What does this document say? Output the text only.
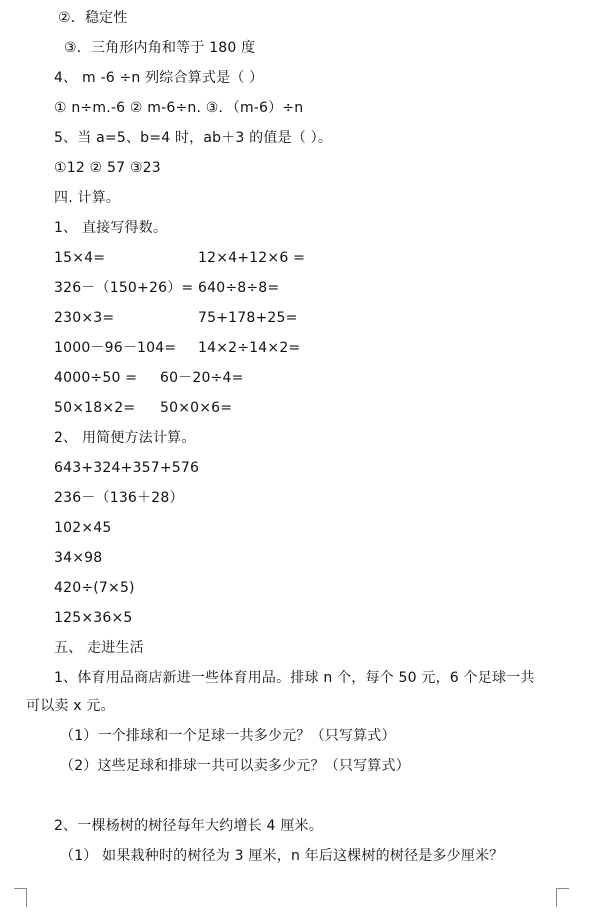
②．稳定性
③．三角形内角和等于 180 度
4、 m -6 ÷n 列综合算式是（ ）
① n÷m.-6 ② m-6÷n. ③．（m-6）÷n
5、当 a=5、b=4 时，ab＋3 的值是（ ）。
①12 ② 57 ③23
四. 计算。
1、 直接写得数。
15×4=	12×4+12×6 =
326－（150+26）= 640÷8÷8=
230×3=	75+178+25=
1000－96－104= 14×2÷14×2=
4000÷50 = 60－20÷4=
50×18×2= 50×0×6=
2、 用简便方法计算。
643+324+357+576
236－（136＋28）
102×45
34×98
420÷(7×5)
125×36×5
五、 走进生活
1、体育用品商店新进一些体育用品。排球 n 个，每个 50 元，6 个足球一共
可以卖 x 元。
（1）一个排球和一个足球一共多少元？（只写算式）
（2）这些足球和排球一共可以卖多少元？（只写算式）
2、一棵杨树的树径每年大约增长 4 厘米。
（1） 如果栽种时的树径为 3 厘米，n 年后这棵树的树径是多少厘米？
